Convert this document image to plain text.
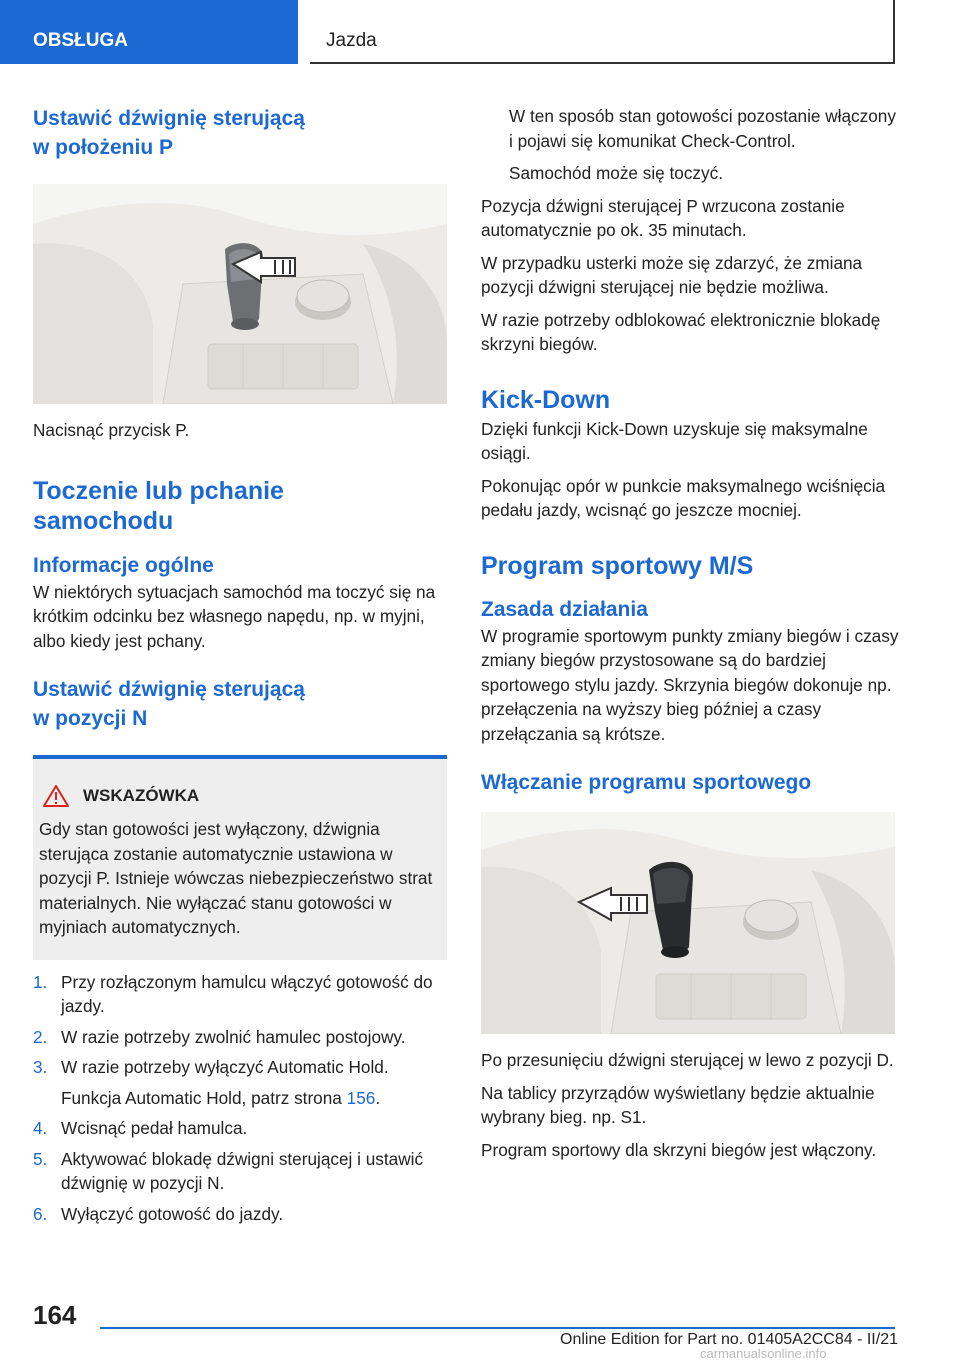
OBSŁUGA	Jazda
Ustawić dźwignię sterującą
w położeniu P

Nacisnąć przycisk P.

Toczenie lub pchanie
samochodu
Informacje ogólne

W niektórych sytuacjach samochód ma toczyć się na krótkim odcinku bez własnego napędu, np. w myjni, albo kiedy jest pchany.

Ustawić dźwignię sterującą
w pozycji N
WSKAZÓWKA

Gdy stan gotowości jest wyłączony, dźwignia sterująca zostanie automatycznie ustawiona w pozycji P. Istnieje wówczas niebezpieczeństwo strat materialnych. Nie wyłączać stanu gotowości w myjniach automatycznych.

1. Przy rozłączonym hamulcu włączyć gotowość do jazdy.
2. W razie potrzeby zwolnić hamulec postojowy.
3. W razie potrzeby wyłączyć Automatic Hold.

Funkcja Automatic Hold, patrz strona 156.

4. Wcisnąć pedał hamulca.
5. Aktywować blokadę dźwigni sterującej i ustawić dźwignię w pozycji N.
6. Wyłączyć gotowość do jazdy.

W ten sposób stan gotowości pozostanie włączony i pojawi się komunikat Check-Control.

Samochód może się toczyć.

Pozycja dźwigni sterującej P wrzucona zostanie automatycznie po ok. 35 minutach.

W przypadku usterki może się zdarzyć, że zmiana pozycji dźwigni sterującej nie będzie możliwa.

W razie potrzeby odblokować elektronicznie blokadę skrzyni biegów.

Kick-Down

Dzięki funkcji Kick-Down uzyskuje się maksymalne osiągi.

Pokonując opór w punkcie maksymalnego wciśnięcia pedału jazdy, wcisnąć go jeszcze mocniej.

Program sportowy M/S
Zasada działania

W programie sportowym punkty zmiany biegów i czasy zmiany biegów przystosowane są do bardziej sportowego stylu jazdy. Skrzynia biegów dokonuje np. przełączenia na wyższy bieg później a czasy przełączania są krótsze.

Włączanie programu sportowego

Po przesunięciu dźwigni sterującej w lewo z pozycji D.

Na tablicy przyrządów wyświetlany będzie aktualnie wybrany bieg. np. S1.

Program sportowy dla skrzyni biegów jest włączony.

164
Online Edition for Part no. 01405A2CC84 - II/21
carmanualsonline.info
